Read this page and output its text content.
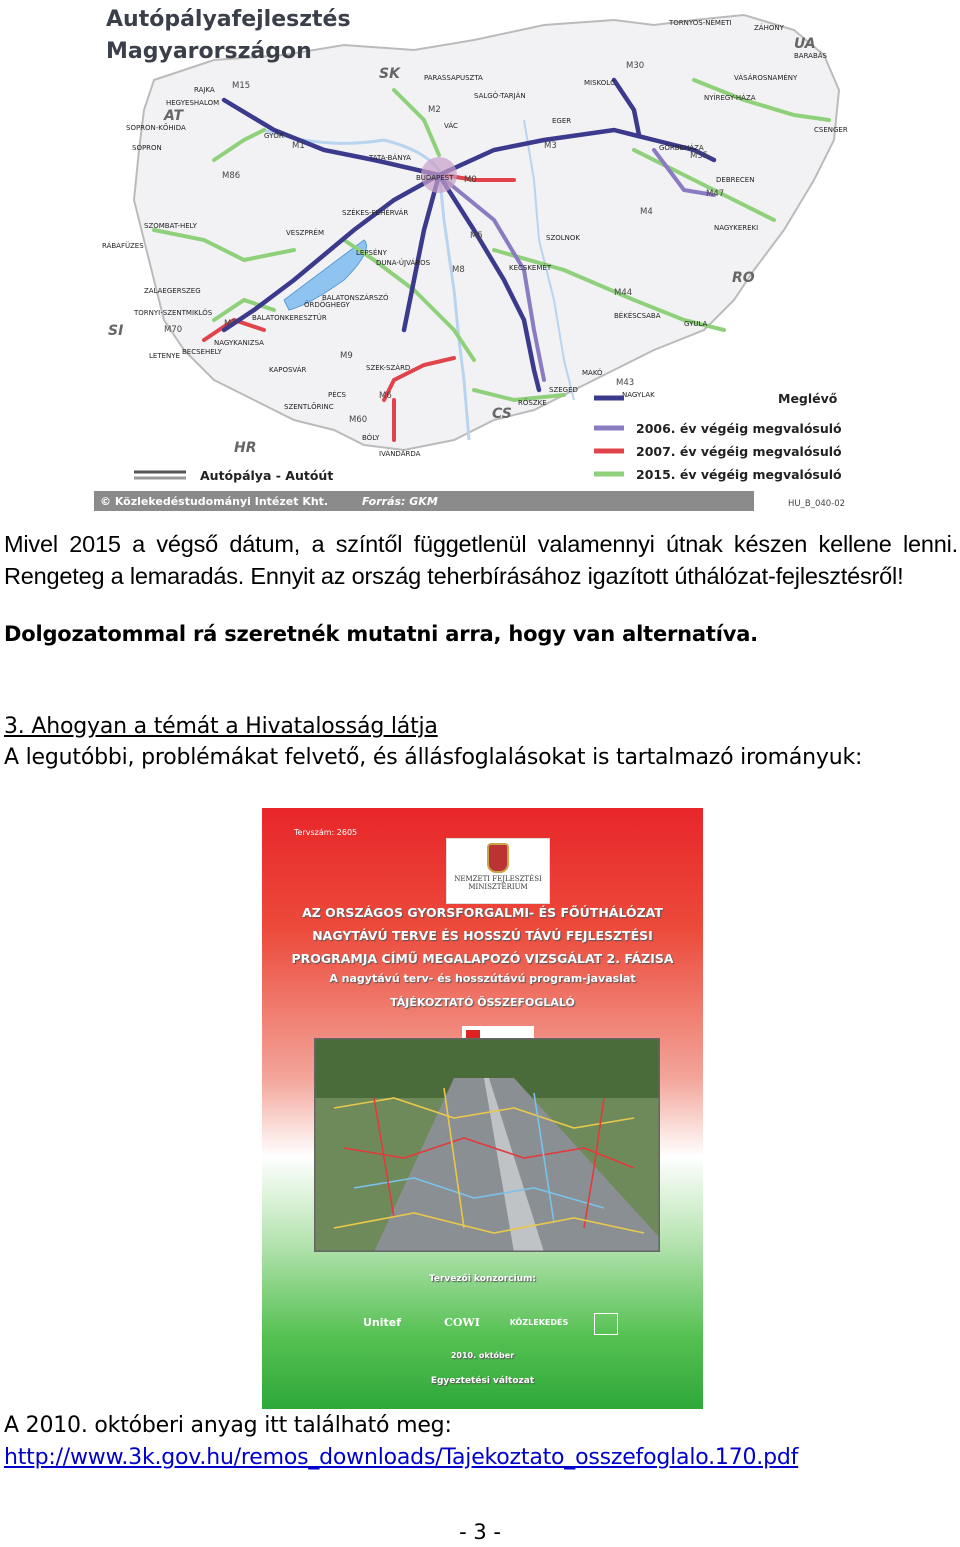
Autópályafejlesztés
Magyarországon
SK
UA
AT
RO
SI
HR
CS
TORNYOS-NÉMETI
ZÁHONY
BARABÁS
PARASSAPUSZTA
MISKOLC
VÁSÁROSNAMÉNY
RAJKA
HEGYESHALOM
SALGÓ-TARJÁN	NYÍREGY-HÁZA
SOPRON-KŐHIDA
SOPRON
VÁC
EGER
GYŐR
TATA-BÁNYA
GÖRBEHÁZA
CSENGER
BUDAPEST	DEBRECEN
SZOMBAT-HELY
SZÉKES-FEHÉRVÁR
VESZPRÉM
NAGYKEREKI
RÁBAFÜZES
SZOLNOK
DUNA-ÚJVÁROS
LEPSÉNY
KECSKEMÉT
ZALAEGERSZEG
BALATONSZÁRSZÓ
ÖRDÖGHEGY
BÉKÉSCSABA
TORNYI-SZENTMIKLÓS
BALATONKERESZTÚR
GYULA
LETENYE
NAGYKANIZSA
BECSEHELY
KAPOSVÁR	SZEK-SZÁRD
MAKÓ
PÉCS
SZEGED
NAGYLAK
SZENTLŐRINC	RÖSZKE
BÓLY
IVÁNDÁRDA
M15
M1
M2
M30
M3
M35
M0
M4
M5
M6
M7
M8
M9
M43
M44
M47
M60
M70
M86
Meglévő
2006. év végéig megvalósuló
2007. év végéig megvalósuló
2015. év végéig megvalósuló
Autópálya - Autóút
© Közlekedéstudományi Intézet Kht.	Forrás: GKM	HU_B_040-02
Mivel 2015 a végső dátum, a színtől függetlenül valamennyi útnak készen kellene lenni. Rengeteg a lemaradás. Ennyit az ország teherbírásához igazított úthálózat-fejlesztésről!
Dolgozatommal rá szeretnék mutatni arra, hogy van alternatíva.
3. Ahogyan a témát a Hivatalosság látja
A legutóbbi, problémákat felvető, és állásfoglalásokat is tartalmazó irományuk:
Tervszám: 2605
NEMZETI FEJLESZTÉSI
MINISZTÉRIUM
AZ ORSZÁGOS GYORSFORGALMI- ÉS FŐÚTHÁLÓZAT
NAGYTÁVÚ TERVE ÉS HOSSZÚ TÁVÚ FEJLESZTÉSI
PROGRAMJA CÍMŰ MEGALAPOZÓ VIZSGÁLAT 2. FÁZISA
A nagytávú terv- és hosszútávú program-javaslat
TÁJÉKOZTATÓ ÖSSZEFOGLALÓ
Tervezői konzorcium:
Unitef	COWI	KÖZLEKEDÉS
2010. október
Egyeztetési változat
A 2010. októberi anyag itt található meg:
http://www.3k.gov.hu/remos_downloads/Tajekoztato_osszefoglalo.170.pdf
- 3 -
